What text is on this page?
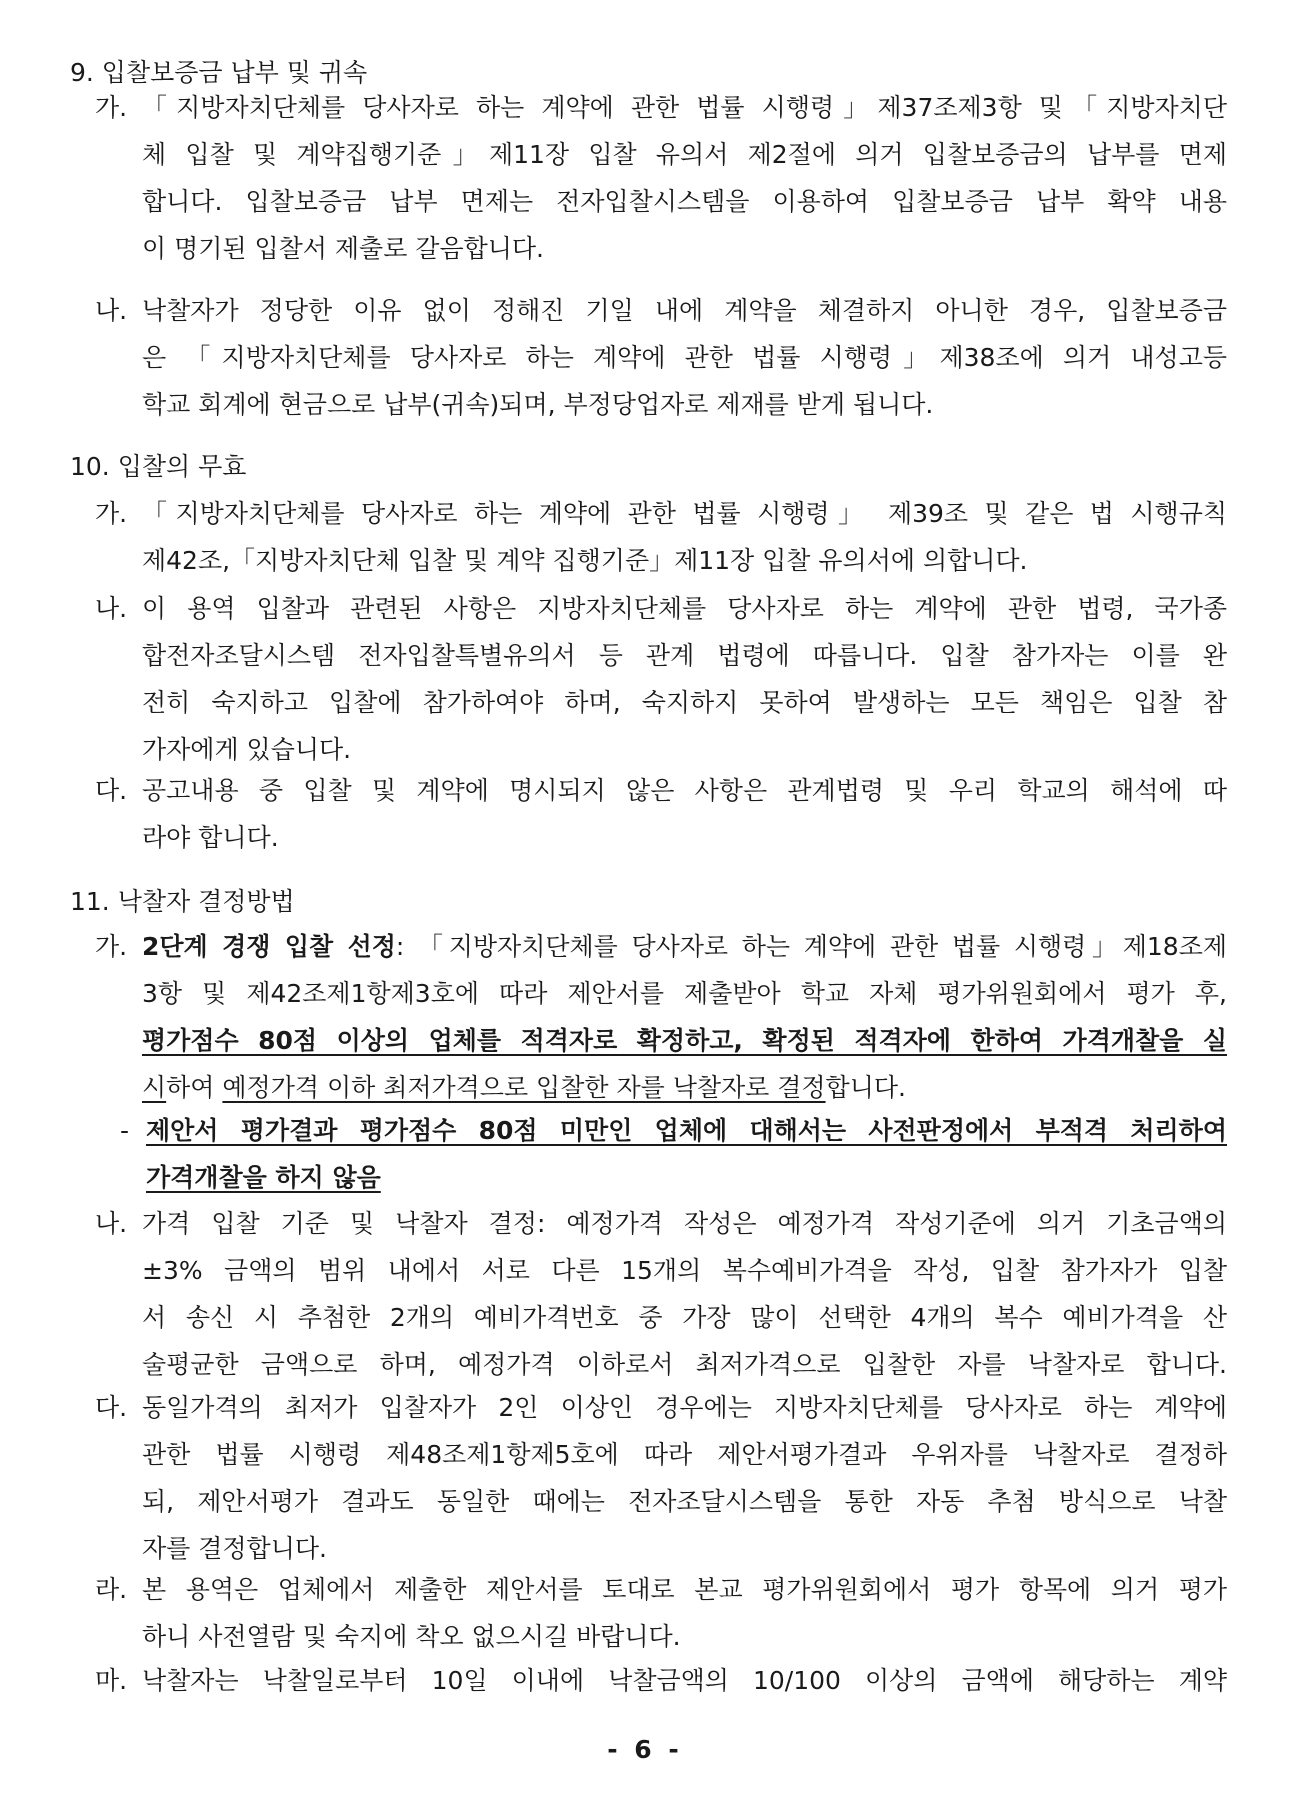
9. 입찰보증금 납부 및 귀속
가. 「지방자치단체를 당사자로 하는 계약에 관한 법률 시행령」제37조제3항 및「지방자치단
체 입찰 및 계약집행기준」제11장 입찰 유의서 제2절에 의거 입찰보증금의 납부를 면제
합니다. 입찰보증금 납부 면제는 전자입찰시스템을 이용하여 입찰보증금 납부 확약 내용
이 명기된 입찰서 제출로 갈음합니다.
나. 낙찰자가 정당한 이유 없이 정해진 기일 내에 계약을 체결하지 아니한 경우, 입찰보증금
은 「지방자치단체를 당사자로 하는 계약에 관한 법률 시행령」제38조에 의거 내성고등
학교 회계에 현금으로 납부(귀속)되며, 부정당업자로 제재를 받게 됩니다.
10. 입찰의 무효
가. 「지방자치단체를 당사자로 하는 계약에 관한 법률 시행령」 제39조 및 같은 법 시행규칙
제42조,「지방자치단체 입찰 및 계약 집행기준」제11장 입찰 유의서에 의합니다.
나. 이 용역 입찰과 관련된 사항은 지방자치단체를 당사자로 하는 계약에 관한 법령, 국가종
합전자조달시스템 전자입찰특별유의서 등 관계 법령에 따릅니다. 입찰 참가자는 이를 완
전히 숙지하고 입찰에 참가하여야 하며, 숙지하지 못하여 발생하는 모든 책임은 입찰 참
가자에게 있습니다.
다. 공고내용 중 입찰 및 계약에 명시되지 않은 사항은 관계법령 및 우리 학교의 해석에 따
라야 합니다.
11. 낙찰자 결정방법
가. 2단계 경쟁 입찰 선정: 「지방자치단체를 당사자로 하는 계약에 관한 법률 시행령」제18조제
3항 및 제42조제1항제3호에 따라 제안서를 제출받아 학교 자체 평가위원회에서 평가 후,
평가점수 80점 이상의 업체를 적격자로 확정하고, 확정된 적격자에 한하여 가격개찰을 실
시하여 예정가격 이하 최저가격으로 입찰한 자를 낙찰자로 결정합니다.
- 제안서 평가결과 평가점수 80점 미만인 업체에 대해서는 사전판정에서 부적격 처리하여
가격개찰을 하지 않음
나. 가격 입찰 기준 및 낙찰자 결정: 예정가격 작성은 예정가격 작성기준에 의거 기초금액의
±3% 금액의 범위 내에서 서로 다른 15개의 복수예비가격을 작성, 입찰 참가자가 입찰
서 송신 시 추첨한 2개의 예비가격번호 중 가장 많이 선택한 4개의 복수 예비가격을 산
술평균한 금액으로 하며, 예정가격 이하로서 최저가격으로 입찰한 자를 낙찰자로 합니다.
다. 동일가격의 최저가 입찰자가 2인 이상인 경우에는 지방자치단체를 당사자로 하는 계약에
관한 법률 시행령 제48조제1항제5호에 따라 제안서평가결과 우위자를 낙찰자로 결정하
되, 제안서평가 결과도 동일한 때에는 전자조달시스템을 통한 자동 추첨 방식으로 낙찰
자를 결정합니다.
라. 본 용역은 업체에서 제출한 제안서를 토대로 본교 평가위원회에서 평가 항목에 의거 평가
하니 사전열람 및 숙지에 착오 없으시길 바랍니다.
마. 낙찰자는 낙찰일로부터 10일 이내에 낙찰금액의 10/100 이상의 금액에 해당하는 계약
- 6 -
